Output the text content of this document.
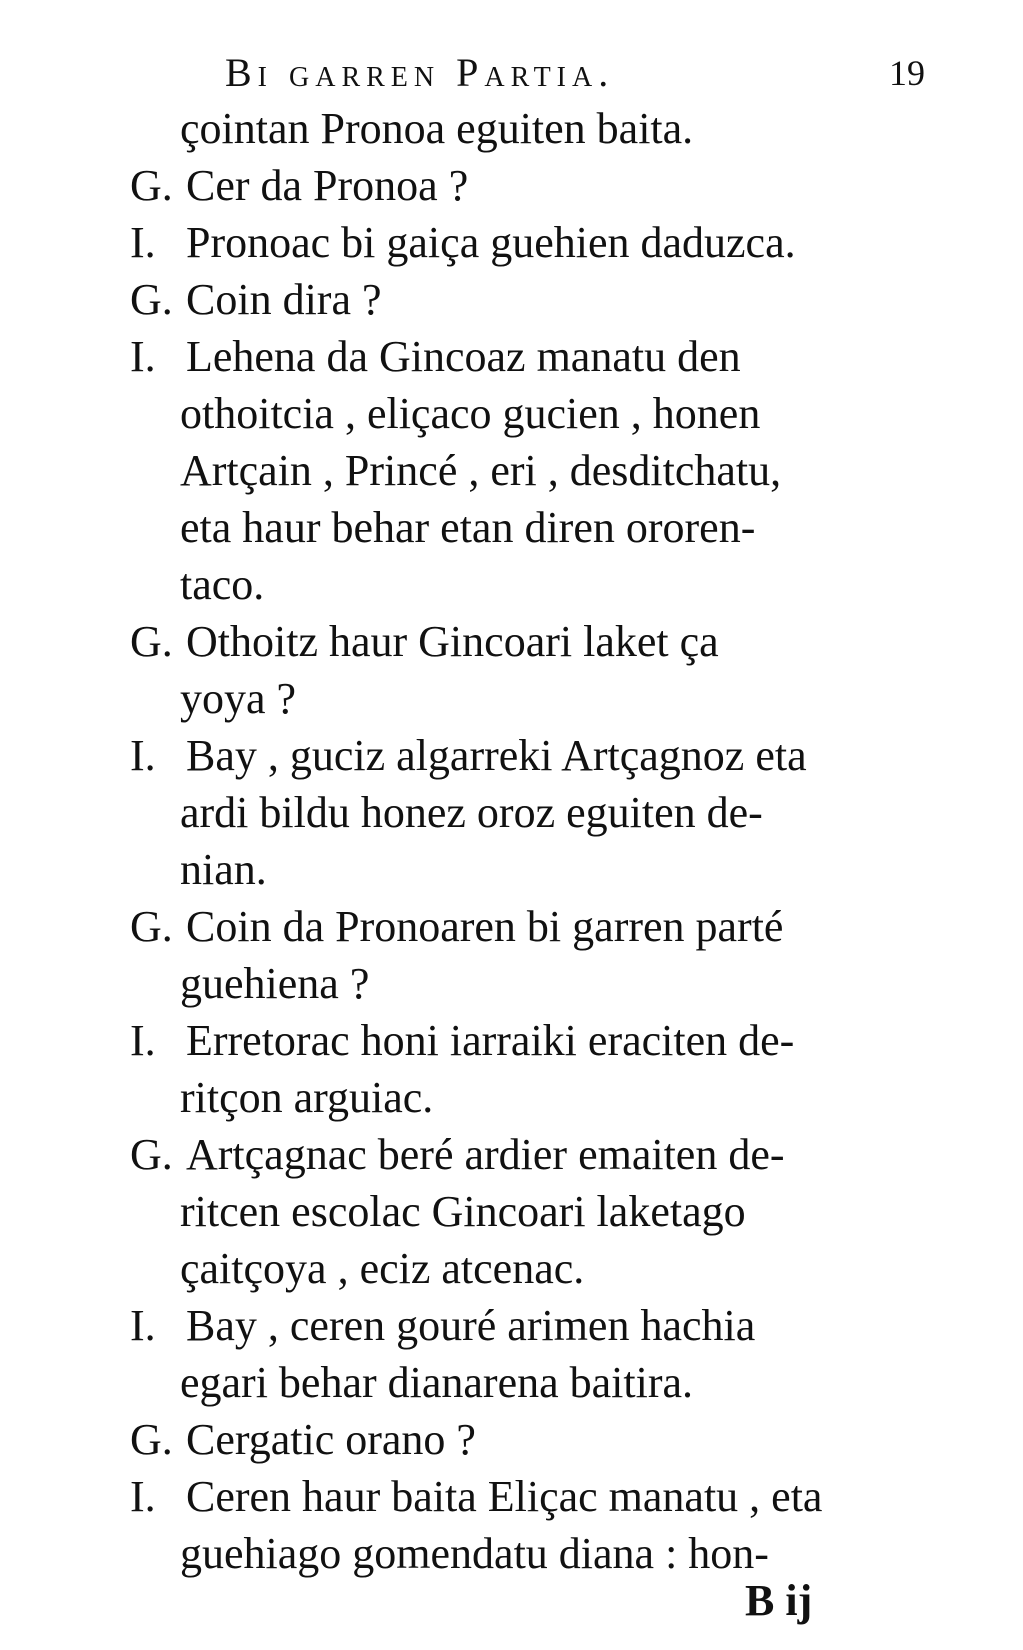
Bi garren Partia.	19
çointan Pronoa eguiten baita.
G. Cer da Pronoa ?
I. Pronoac bi gaiça guehien daduzca.
G. Coin dira ?
I. Lehena da Gincoaz manatu den
othoitcia , eliçaco gucien , honen
Artçain , Princé , eri , desditchatu,
eta haur behar etan diren ororen-
taco.
G. Othoitz haur Gincoari laket ça
yoya ?
I. Bay , guciz algarreki Artçagnoz eta
ardi bildu honez oroz eguiten de-
nian.
G. Coin da Pronoaren bi garren parté
guehiena ?
I. Erretorac honi iarraiki eraciten de-
ritçon arguiac.
G. Artçagnac beré ardier emaiten de-
ritcen escolac Gincoari laketago
çaitçoya , eciz atcenac.
I. Bay , ceren gouré arimen hachia
egari behar dianarena baitira.
G. Cergatic orano ?
I. Ceren haur baita Eliçac manatu , eta
guehiago gomendatu diana : hon-
B ij
